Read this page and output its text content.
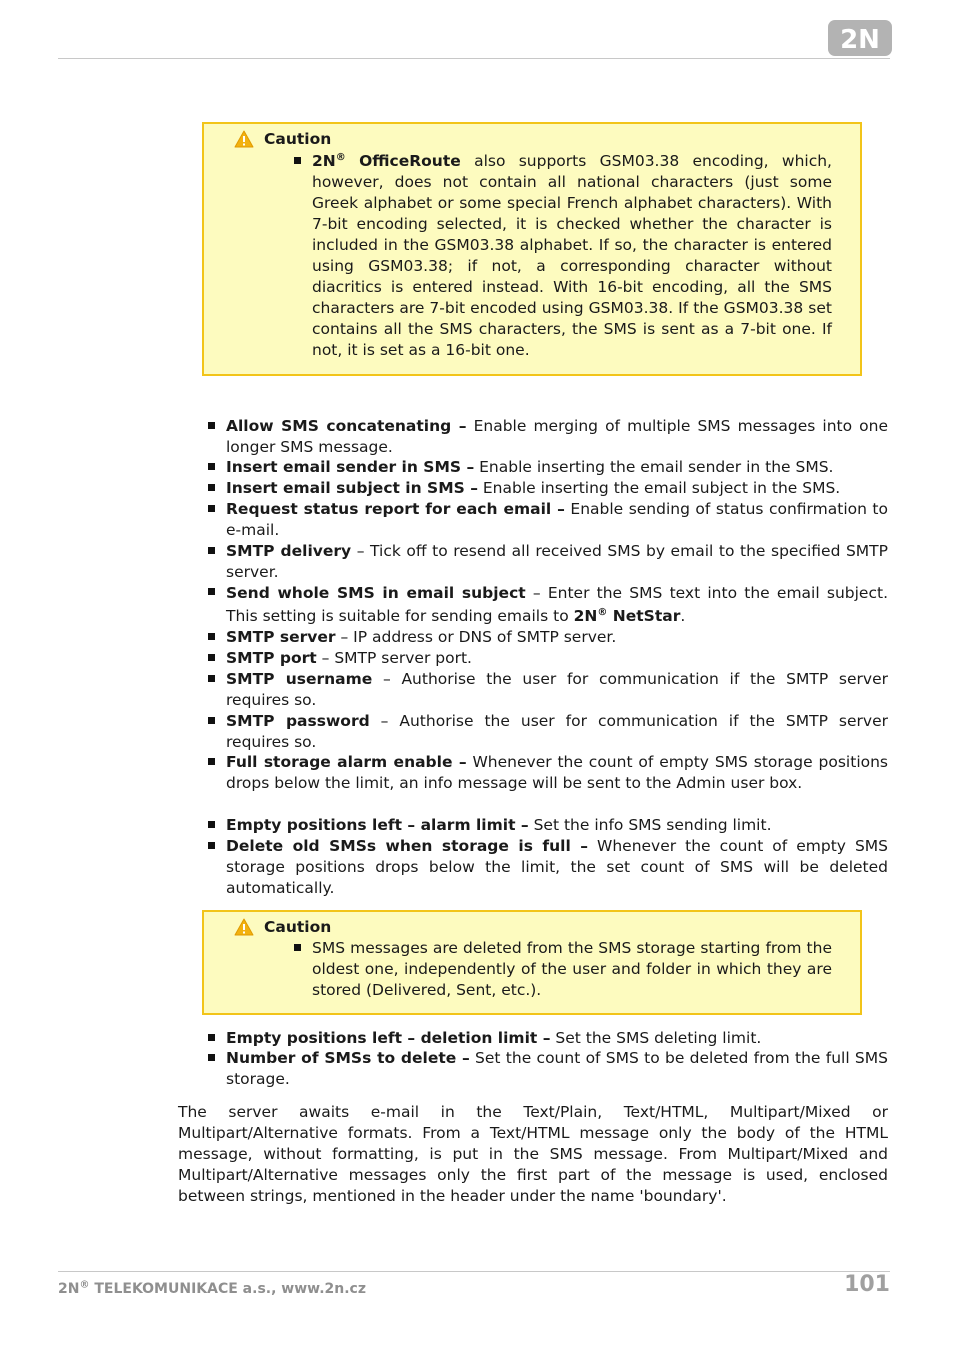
2N
Caution
2N® OfficeRoute also supports GSM03.38 encoding, which, however, does not contain all national characters (just some Greek alphabet or some special French alphabet characters). With 7-bit encoding selected, it is checked whether the character is included in the GSM03.38 alphabet. If so, the character is entered using GSM03.38; if not, a corresponding character without diacritics is entered instead. With 16-bit encoding, all the SMS characters are 7-bit encoded using GSM03.38. If the GSM03.38 set contains all the SMS characters, the SMS is sent as a 7-bit one. If not, it is set as a 16-bit one.
Allow SMS concatenating – Enable merging of multiple SMS messages into one longer SMS message.
Insert email sender in SMS – Enable inserting the email sender in the SMS.
Insert email subject in SMS – Enable inserting the email subject in the SMS.
Request status report for each email – Enable sending of status confirmation to e-mail.
SMTP delivery – Tick off to resend all received SMS by email to the specified SMTP server.
Send whole SMS in email subject – Enter the SMS text into the email subject. This setting is suitable for sending emails to 2N® NetStar.
SMTP server – IP address or DNS of SMTP server.
SMTP port – SMTP server port.
SMTP username – Authorise the user for communication if the SMTP server requires so.
SMTP password – Authorise the user for communication if the SMTP server requires so.
Full storage alarm enable – Whenever the count of empty SMS storage positions drops below the limit, an info message will be sent to the Admin user box.
Empty positions left – alarm limit – Set the info SMS sending limit.
Delete old SMSs when storage is full – Whenever the count of empty SMS storage positions drops below the limit, the set count of SMS will be deleted automatically.
Caution
SMS messages are deleted from the SMS storage starting from the oldest one, independently of the user and folder in which they are stored (Delivered, Sent, etc.).
Empty positions left – deletion limit – Set the SMS deleting limit.
Number of SMSs to delete – Set the count of SMS to be deleted from the full SMS storage.
The server awaits e-mail in the Text/Plain, Text/HTML, Multipart/Mixed or Multipart/Alternative formats. From a Text/HTML message only the body of the HTML message, without formatting, is put in the SMS message. From Multipart/Mixed and Multipart/Alternative messages only the first part of the message is used, enclosed between strings, mentioned in the header under the name 'boundary'.
2N® TELEKOMUNIKACE a.s., www.2n.cz	101
